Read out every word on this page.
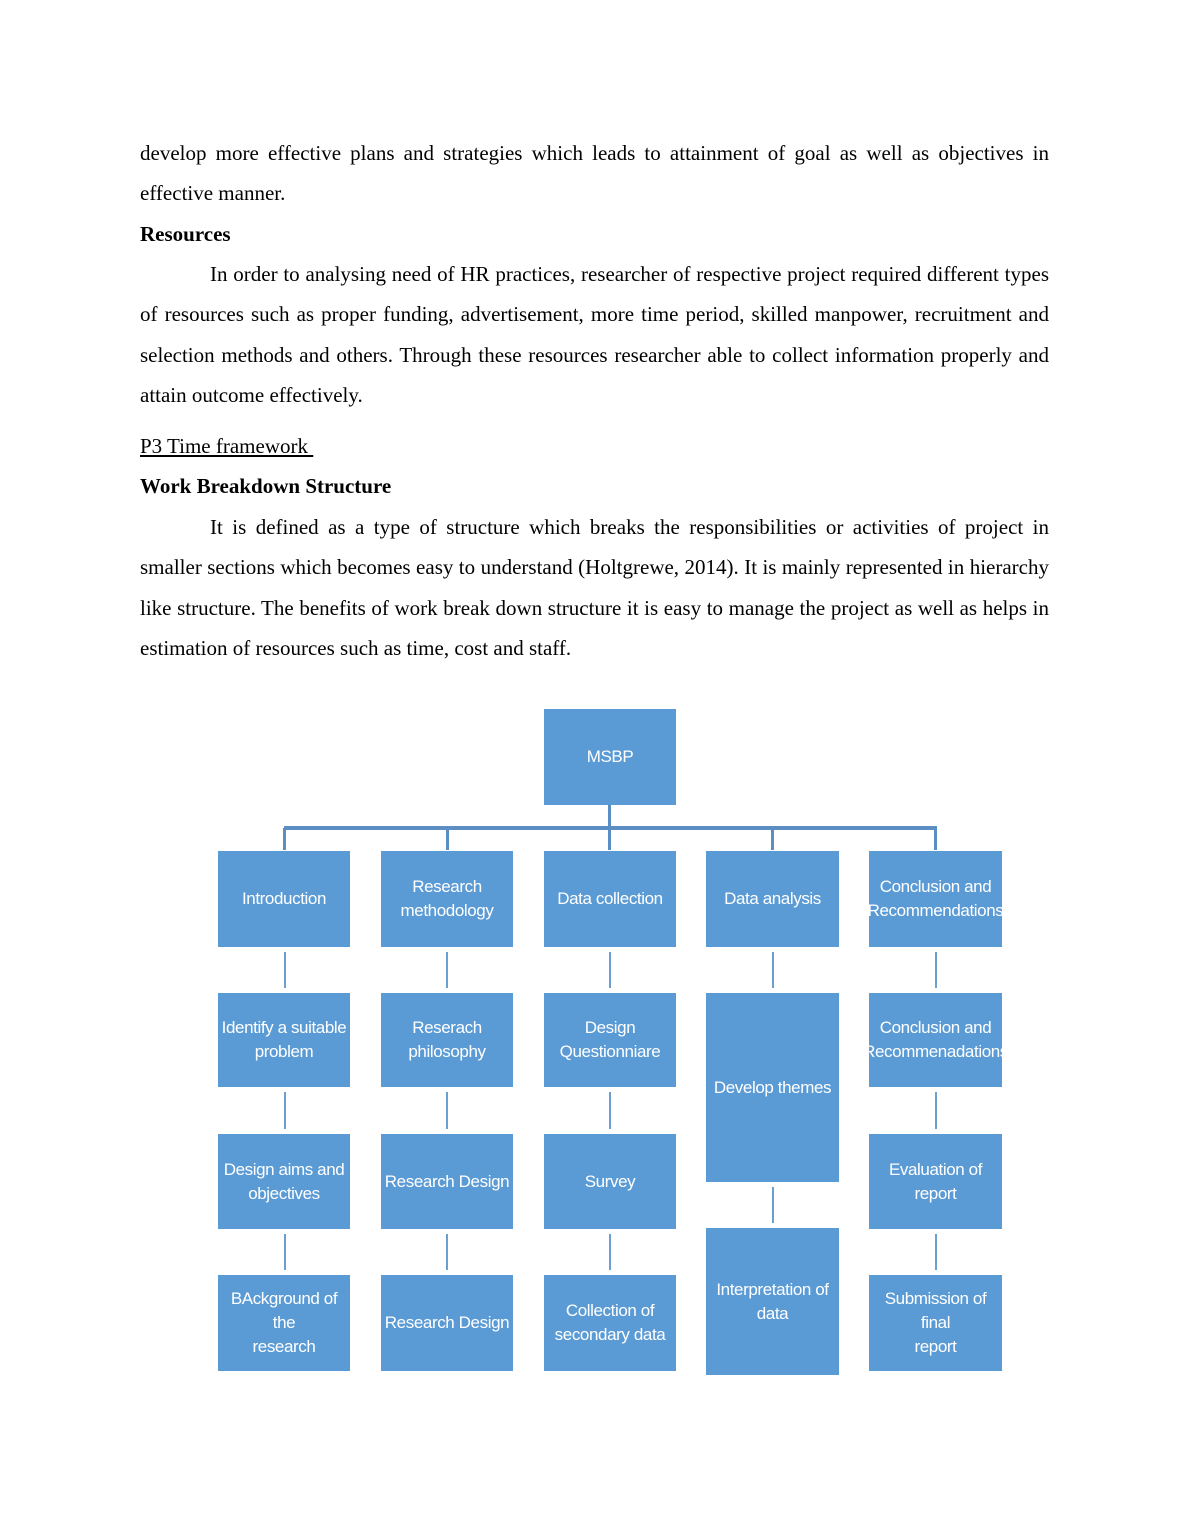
develop more effective plans and strategies which leads to attainment of goal as well as objectives in effective manner.

Resources

In order to analysing need of HR practices, researcher of respective project required different types of resources such as proper funding, advertisement, more time period, skilled manpower, recruitment and selection methods and others. Through these resources researcher able to collect information properly and attain outcome effectively.

P3 Time framework

Work Breakdown Structure

It is defined as a type of structure which breaks the responsibilities or activities of project in smaller sections which becomes easy to understand (Holtgrewe, 2014). It is mainly represented in hierarchy like structure. The benefits of work break down structure it is easy to manage the project as well as helps in estimation of resources such as time, cost and staff.

MSBP
Introduction
Identify a suitable
problem
Design aims and
objectives
BAckground of the
research
Research
methodology
Reserach philosophy
Research Design
Research Design
Data collection
Design Questionniare
Survey
Collection of
secondary data
Data analysis
Develop themes
Interpretation of
data
Conclusion and
Recommendations
Conclusion and
Recommenadations
Evaluation of report
Submission of final
report
